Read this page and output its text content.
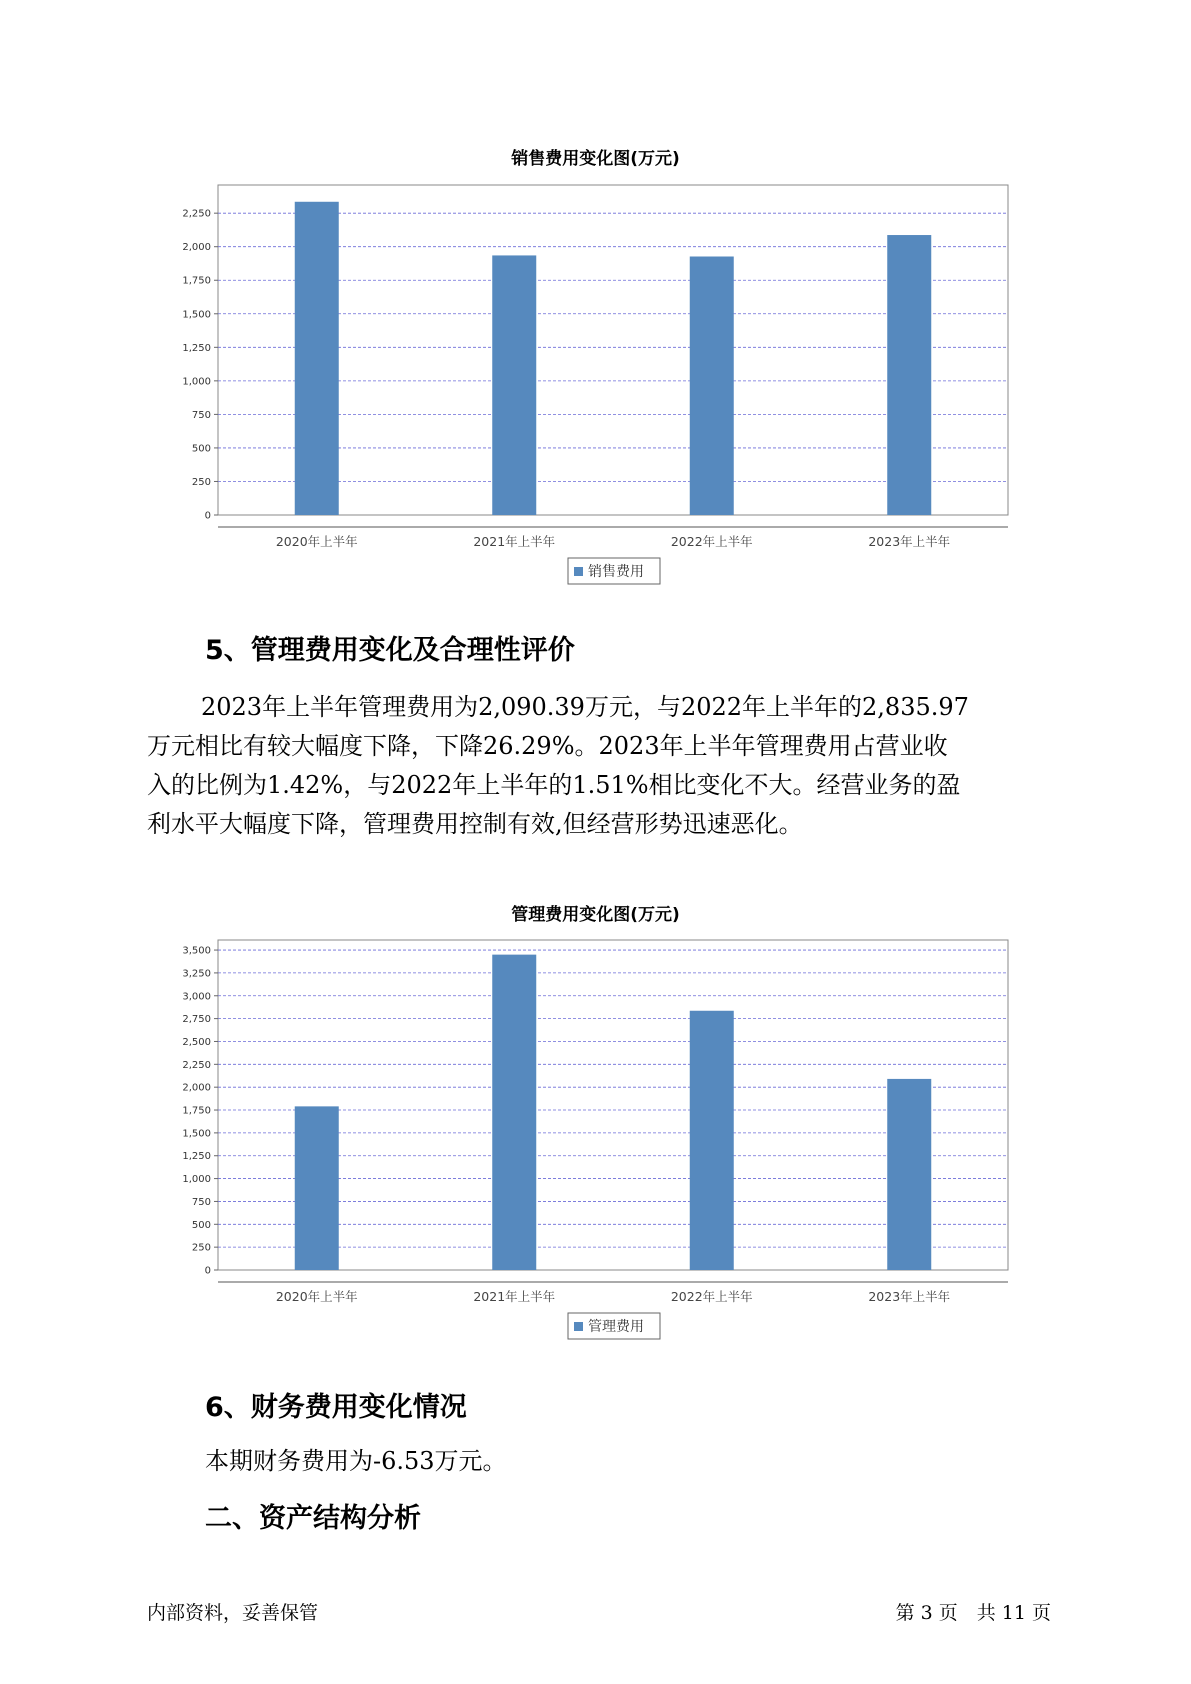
销售费用变化图(万元)
0
250
500
750
1,000
1,250
1,500
1,750
2,000
2,250
2020年上半年	2021年上半年	2022年上半年	2023年上半年
销售费用
5、管理费用变化及合理性评价

2023年上半年管理费用为2,090.39万元，与2022年上半年的2,835.97
万元相比有较大幅度下降，下降26.29%。2023年上半年管理费用占营业收
入的比例为1.42%，与2022年上半年的1.51%相比变化不大。经营业务的盈
利水平大幅度下降，管理费用控制有效,但经营形势迅速恶化。

管理费用变化图(万元)
0
250
500
750
1,000
1,250
1,500
1,750
2,000
2,250
2,500
2,750
3,000
3,250
3,500
2020年上半年	2021年上半年	2022年上半年	2023年上半年
管理费用
6、财务费用变化情况

本期财务费用为-6.53万元。

二、资产结构分析
内部资料，妥善保管	第 3 页　共 11 页
